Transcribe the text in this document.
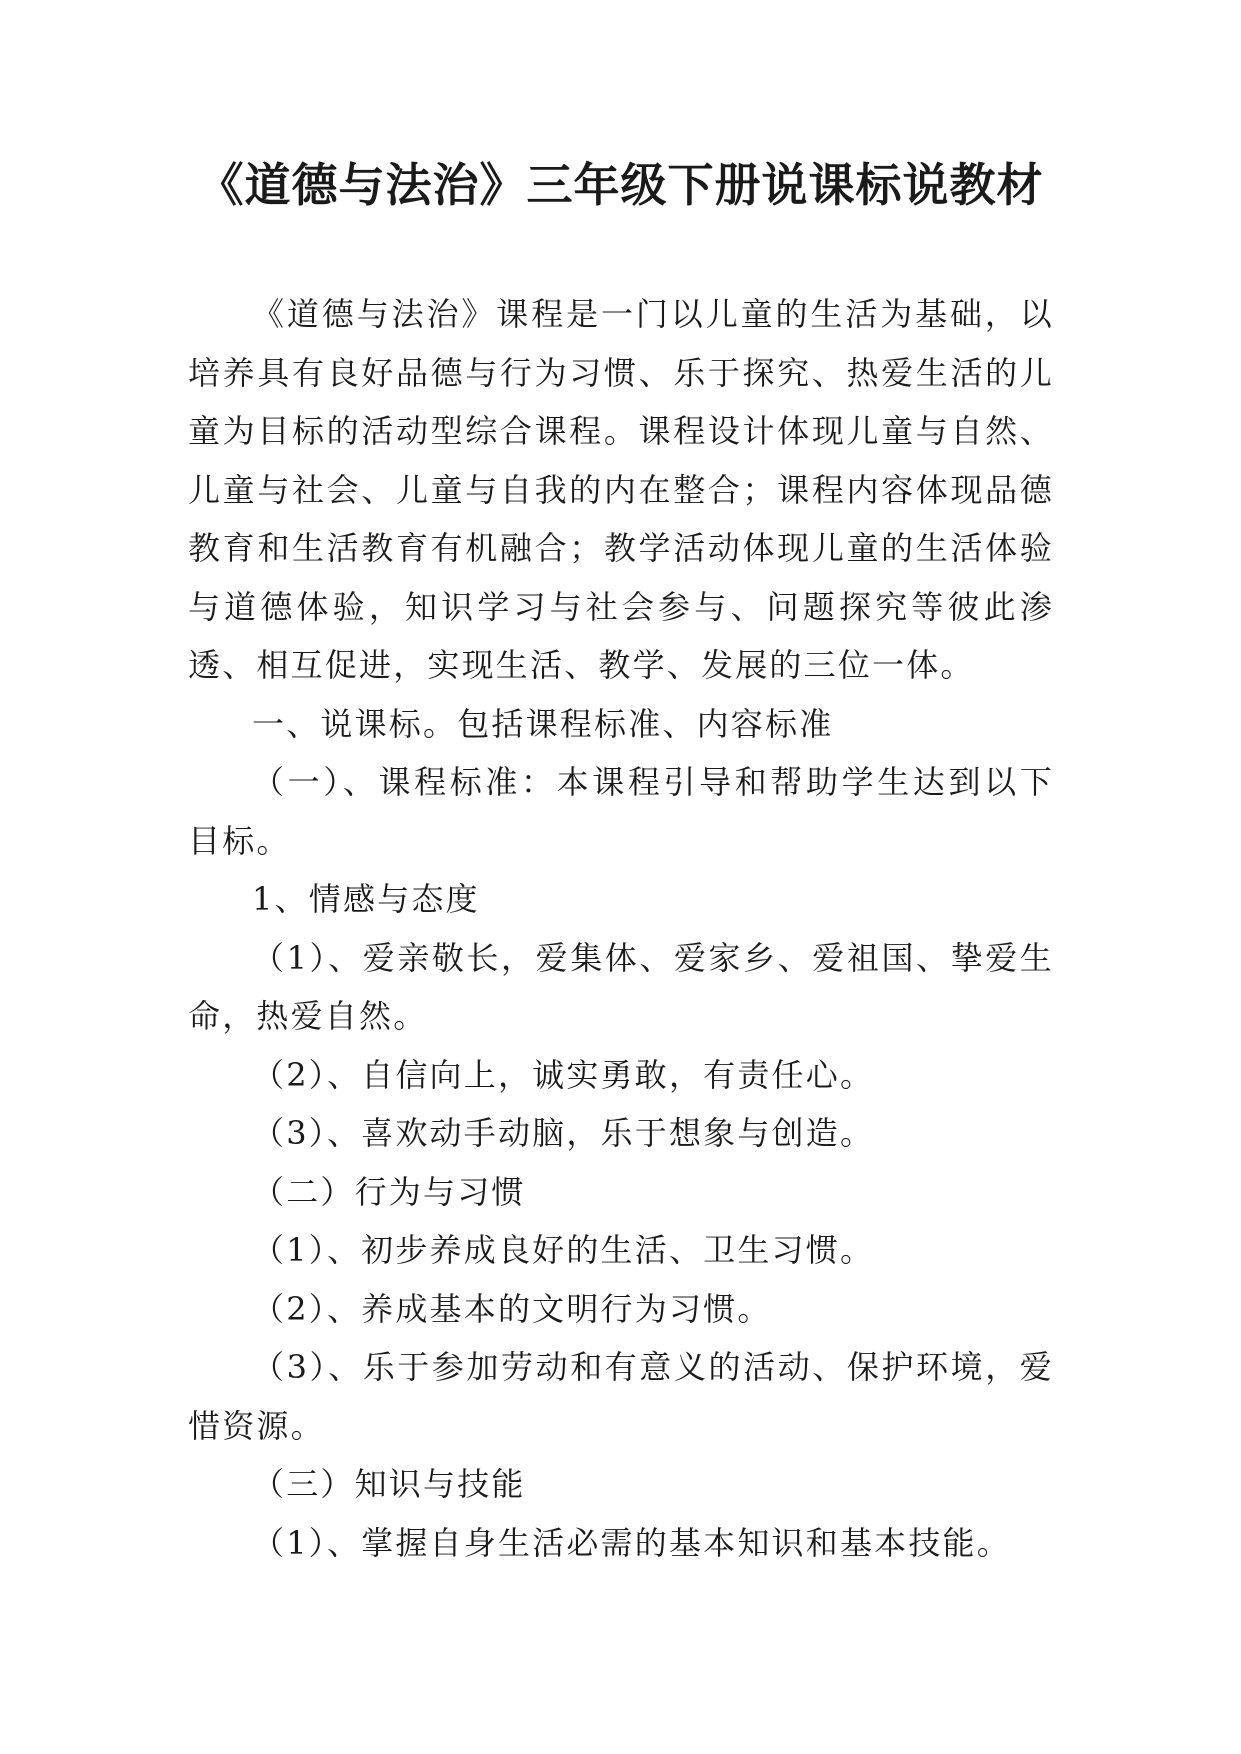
《道德与法治》三年级下册说课标说教材

《道德与法治》课程是一门以儿童的生活为基础，以培养具有良好品德与行为习惯、乐于探究、热爱生活的儿童为目标的活动型综合课程。课程设计体现儿童与自然、儿童与社会、儿童与自我的内在整合；课程内容体现品德教育和生活教育有机融合；教学活动体现儿童的生活体验与道德体验，知识学习与社会参与、问题探究等彼此渗透、相互促进，实现生活、教学、发展的三位一体。

一、说课标。包括课程标准、内容标准

（一）、课程标准：本课程引导和帮助学生达到以下目标。

1、情感与态度

（1）、爱亲敬长，爱集体、爱家乡、爱祖国、挚爱生命，热爱自然。

（2）、自信向上，诚实勇敢，有责任心。

（3）、喜欢动手动脑，乐于想象与创造。

（二）行为与习惯

（1）、初步养成良好的生活、卫生习惯。

（2）、养成基本的文明行为习惯。

（3）、乐于参加劳动和有意义的活动、保护环境，爱惜资源。

（三）知识与技能

（1）、掌握自身生活必需的基本知识和基本技能。
